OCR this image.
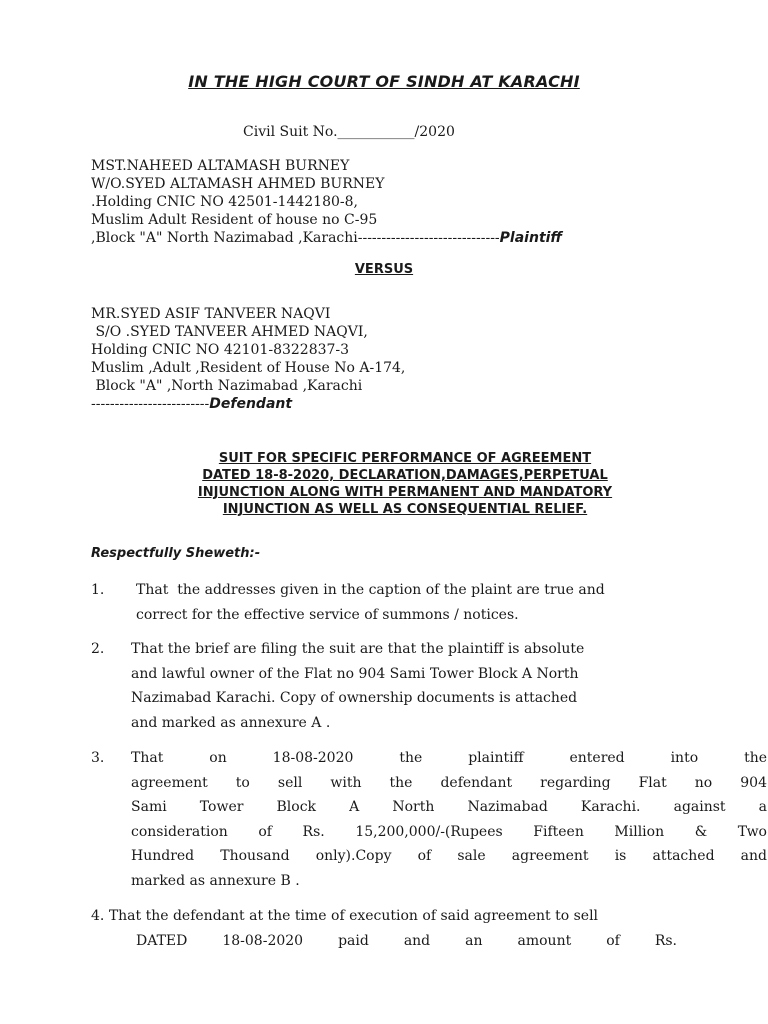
IN THE HIGH COURT OF SINDH AT KARACHI
Civil Suit No.___________/2020
MST.NAHEED ALTAMASH BURNEY
W/O.SYED ALTAMASH AHMED BURNEY
.Holding CNIC NO 42501-1442180-8,
Muslim Adult Resident of house no C-95
,Block "A" North Nazimabad ,Karachi------------------------------Plaintiff
VERSUS
MR.SYED ASIF TANVEER NAQVI
S/O .SYED TANVEER AHMED NAQVI,
Holding CNIC NO 42101-8322837-3
Muslim ,Adult ,Resident of House No A-174,
Block "A" ,North Nazimabad ,Karachi
-------------------------Defendant
SUIT FOR SPECIFIC PERFORMANCE OF AGREEMENT
DATED 18-8-2020, DECLARATION,DAMAGES,PERPETUAL
INJUNCTION ALONG WITH PERMANENT AND MANDATORY
INJUNCTION AS WELL AS CONSEQUENTIAL RELIEF.
Respectfully Sheweth:-
1. That  the addresses given in the caption of the plaint are true and
correct for the effective service of summons / notices.
2. That the brief are filing the suit are that the plaintiff is absolute
and lawful owner of the Flat no 904 Sami Tower Block A North
Nazimabad Karachi. Copy of ownership documents is attached
and marked as annexure A .
3. That on 18-08-2020 the plaintiff entered into the
agreement to sell with the defendant regarding Flat no 904
Sami Tower Block A North Nazimabad Karachi. against a
consideration of Rs. 15,200,000/-(Rupees Fifteen Million & Two
Hundred Thousand only).Copy of sale agreement is attached and
marked as annexure B .
4. That the defendant at the time of execution of said agreement to sell
DATED 18-08-2020 paid and an amount of Rs.
